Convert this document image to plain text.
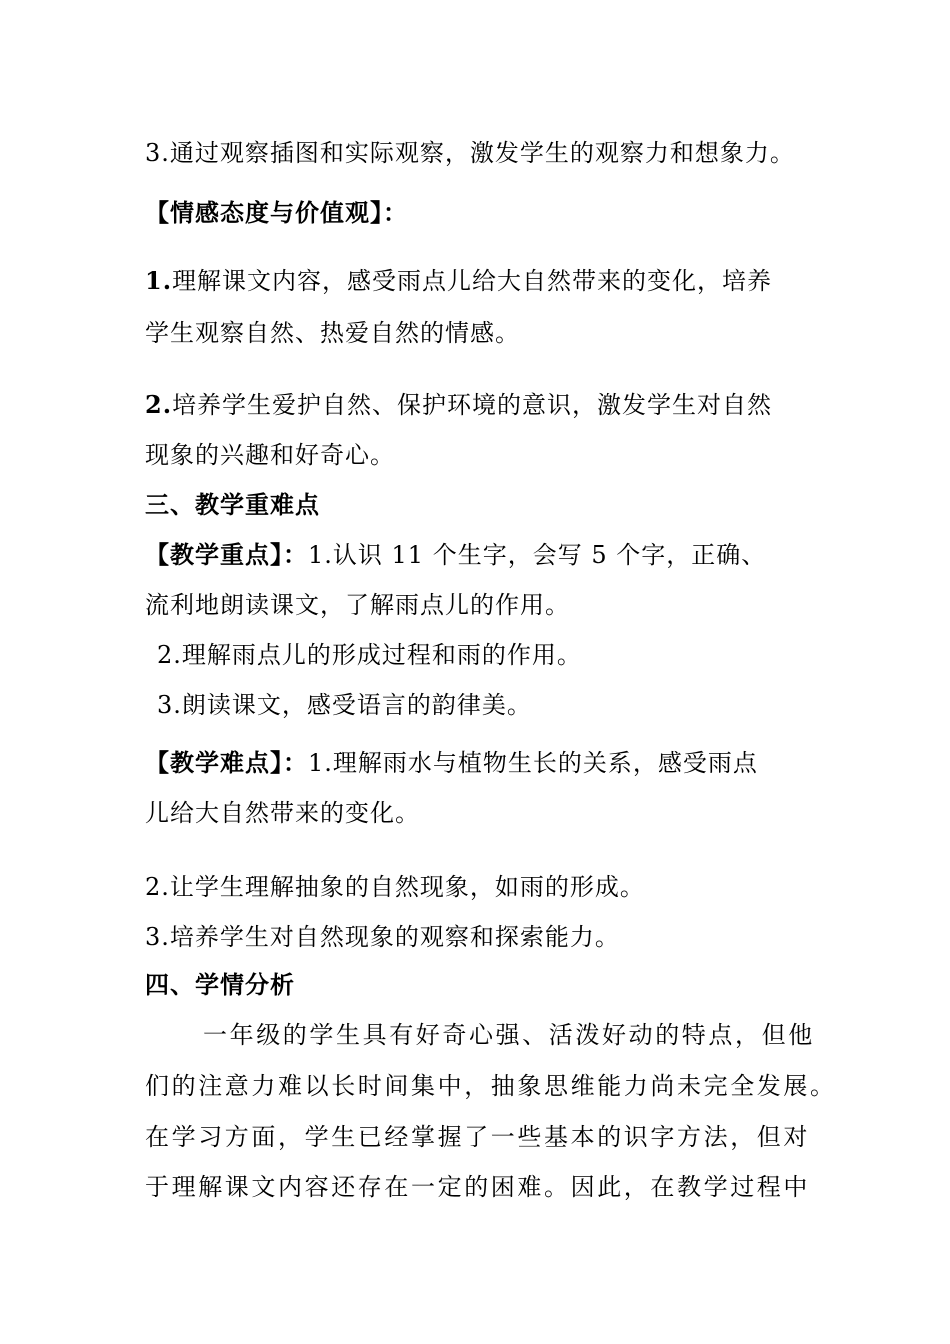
3.通过观察插图和实际观察，激发学生的观察力和想象力。
【情感态度与价值观】：
1.理解课文内容，感受雨点儿给大自然带来的变化，培养
学生观察自然、热爱自然的情感。
2.培养学生爱护自然、保护环境的意识，激发学生对自然
现象的兴趣和好奇心。
三、教学重难点
【教学重点】：1.认识 11 个生字，会写 5 个字，正确、
流利地朗读课文，了解雨点儿的作用。
2.理解雨点儿的形成过程和雨的作用。
3.朗读课文，感受语言的韵律美。
【教学难点】：1.理解雨水与植物生长的关系，感受雨点
儿给大自然带来的变化。
2.让学生理解抽象的自然现象，如雨的形成。
3.培养学生对自然现象的观察和探索能力。
四、学情分析
一年级的学生具有好奇心强、活泼好动的特点，但他
们的注意力难以长时间集中，抽象思维能力尚未完全发展。
在学习方面，学生已经掌握了一些基本的识字方法，但对
于理解课文内容还存在一定的困难。因此，在教学过程中
